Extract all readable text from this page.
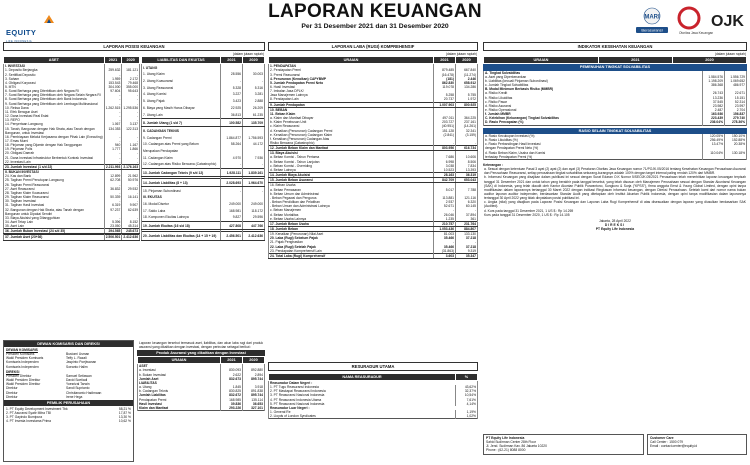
EQUITY
LAPORAN KEUANGAN
Per 31 Desember 2021 dan 31 Desember 2020
MARI
Berasuransi	OJK
Otoritas Jasa Keuangan
LAPORAN POSISI KEUANGAN
(dalam jutaan rupiah)
ASET	2021	2020
I. INVESTASI		
1. Deposito Berjangka	259.632	181.121
2. Sertifikat Deposito	-	-
3. Saham	1.959	2.172
4. Obligasi Korporasi	153.543	79.468
5. MTN	304.000	355.000
6. Surat Berharga yang Diterbitkan oleh Negara RI	97.604	95.643
7. Surat Berharga yang Diterbitkan oleh Negara Selain Negara RI	-	-
8. Surat Berharga yang Diterbitkan oleh Bank Indonesia	-	-
9. Surat Berharga yang Diterbitkan oleh Lembaga Multinasional	-	-
10. Reksa Dana	1.262.515	1.295.536
11. Efek Beragun Aset	-	-
12. Dana Investasi Real Estat	-	-
13. REPO	-	-
14. Penyertaan Langsung	1.067	3.137
15. Tanah, Bangunan dengan Hak Strata, atau Tanah dengan	134.353	122.313
Bangunan, untuk Investasi		
16. Pembiayaan Melalui Kerjasama dengan Pihak Lain (Executing)	-	-
17. Emas Murni	-	-
18. Pinjaman yang Dijamin dengan Hak Tanggungan	940	1.167
19. Pinjaman Polis	1.777	1.866
20. Obligasi Daerah	-	-
21. Dana Investasi Infrastruktur Berbentuk Kontrak Investasi	-	-
22. Investasi Lain	-	-
23. Jumlah Investasi (1 s/d 22)	2.211.993	2.176.163

II. BUKAN INVESTASI		
24. Kas dan Bank	12.899	21.962
25. Tagihan Premi Penutupan Langsung	62.708	50.976
26. Tagihan Premi Reasuransi	-	-
27. Aset Reasuransi	36.832	29.932
28. Tagihan Klaim Koasuransi	-	-
29. Tagihan Klaim Reasuransi	50.339	16.141
30. Tagihan Investasi	-	-
31. Tagihan Hasil Investasi	6.319	9.907
32. Bangunan dengan Hak Strata, atau Tanah dengan	97.237	62.639
Bangunan untuk Dipakai Sendiri		
33. Biaya Akuisisi yang Ditangguhkan	-	-
34. Aset Tetap Lain	5.396	8.152
35. Aset Lain	23.050	45.314
36. Jumlah Bukan Investasi (24 s/d 35)	294.565	245.673

37. Jumlah Aset (23+36)	2.506.501	2.412.636
LIABILITAS DAN EKUITAS	2021	2020
I. UTANG		
1. Utang Klaim	28.556	30.003
2. Utang Koasuransi	-	-
3. Utang Reasuransi	5.328	5.316
4. Utang Komisi	3.227	3.281
5. Utang Pajak	3.423	2.888
6. Biaya yang Masih Harus Dibayar	22.925	26.209
7. Utang Lain	36.813	61.235
8. Jumlah Utang (1 s/d 7)	100.582	135.709

II. CADANGAN TEKNIS		
9. Cadangan Premi	1.864.877	1.756.593
10. Cadangan atas Premi yang Belum	58.264	44.172
Merupakan Pendapatan		
11. Cadangan Klaim	4.970	7.936
12. Cadangan atas Risiko Bencana (Catastrophic)	-	-

13. Jumlah Cadangan Teknis (9 s/d 12)	1.928.111	1.839.161

14. Jumlah Liabilitas (8 + 13)	2.028.693	1.964.670

15. Pinjaman Subordinasi	-	-

III. EKUITAS		

16. Modal Disetor	249.000	249.000
17. Saldo Laba	168.981	118.172
18. Komponen Ekuitas Lainnya	9.827	29.596

19. Jumlah Ekuitas (16 s/d 18)	427.808	447.766

20. Jumlah Liabilitas dan Ekuitas (14 + 15 + 19)	2.456.501	2.412.636
LAPORAN LABA (RUGI) KOMPREHENSIF
(dalam jutaan rupiah)
URAIAN	2021	2020
1. PENDAPATAN		
2. Pendapatan Premi	879.485	667.840
3. Premi Reasuransi	(16.478)	(11.274)
4. Penurunan (Kenaikan) CAPYBMP	(181)	2.446
5. Jumlah Pendapatan Premi Neto	862.830	658.912
6. Hasil Investasi	119.078	134.286
7. Imbalan Jasa DPLK/		
Jasa Manajemen Lainnya	5.258	5.755
8. Pendapatan Lain	20.737	1.972
9. Jumlah Pendapatan	1.007.903	800.925
10. BEBAN		
11. Beban Klaim		
a. Klaim dan Manfaat Dibayar	497.011	364.225
b. Klaim Penebusan Unit	203.727	237.161
c. Klaim Reasuransi	(40.951)	(14.261)
d. Kenaikan (Penurunan) Cadangan Premi	151.128	32.341
e. Kenaikan (Penurunan) Cadangan Klaim	(2.841)	(3.159)
f. Kenaikan (Penurunan) Cadangan Atas		
Risiko Bencana (Catastrophic)	-	-
12. Jumlah Beban Klaim dan Manfaat	803.956	616.734
13. Biaya Akuisisi		
a. Beban Komisi - Tahun Pertama	7.686	10.606
b. Beban Komisi - Tahun Lanjutan	6.998	8.506
c. Beban Komisi - Overriding	3.038	7.834
d. Beban Lainnya	10.523	13.393
14. Jumlah Biaya Akuisisi	28.163	36.319
15. Jumlah Beban Asuransi	842.709	653.043
16. Beban Usaha		
a. Beban Pemasaran	5.017	7.788
b. Beban Umum dan Administrasi		
- Beban Pegawai dan Pengurus	113.881	121.116
- Beban Pendidikan dan Pelatihan	2.937	6.320
- Beban Umum dan Administrasi Lainnya	52.671	60.145
c. Beban Manajemen	-	-
d. Beban Mortalitas	26.046	37.894
e. Beban Usaha Lainnya	1.235	361
17. Jumlah Beban Usaha	210.757	231.764
18. Jumlah Beban	1.053.436	884.807
19. Kenaikan (Penurunan) Nilai Aset	81.003	133.130
20. Laba (Rugi) Sebelum Pajak	35.466	37.218
21. Pajak Penghasilan	-	-
22. Laba (Rugi) Setelah Pajak	35.466	37.218
23. Pendapatan Komprehensif Lain	(31.863)	9.319
24. Total Laba (Rugi) Komprehensif	3.603	35.347
INDIKATOR KESEHATAN KEUANGAN
(dalam jutaan rupiah)
URAIAN	2021	2020
PEMENUHAN TINGKAT SOLVABILITAS
A. Tingkat Solvabilitas		
a. Aset yang Diperkenankan	1.584.576	1.556.729
b. Liabilitas (kecuali Pinjaman Subordinasi)	1.198.209	1.069.652
c. Jumlah Tingkat Solvabilitas	386.368	486.977
B. Modal Minimum Berbasis Risiko (MMBR)		
a. Risiko Kredit	26.743	22.671
b. Risiko Likuiditas	13.236	15.151
c. Risiko Pasar	37.545	52.314
d. Risiko Asuransi	23.982	23.997
e. Risiko Operasional	2.487	2.704
f. Jumlah MMBR	163.936	156.837
C. Kelebihan (Kekurangan) Tingkat Solvabilitas	223.439	279.740
D. Rasio Pencapaian (%)	236.04%	278.36%
RASIO SELAIN TINGKAT SOLVABILITAS
a. Rasio Kecukupan Investasi (%)	120.05%	150.10%
b. Rasio Likuiditas (%)	256.49%	152.88%
c. Rasio Perbandingan Hasil Investasi	13.47%	20.38%
dengan Pendapatan Premi Neto (%)		
d. Rasio Beban Klaim, Usaha dan Komisi	110.04%	130.18%
terhadap Pendapatan Premi (%)		
Keterangan :
a. Sesuai dengan ketentuan Pasal 3 ayat (2) ayat (2) dan ayat (3) Peraturan Otoritas Jasa Keuangan nomor 71/POJK.05/2016 tentang Kesehatan Keuangan Perusahaan Asuransi dan Perusahaan Reasuransi, setiap perusahaan tingkat solvabilitas sekurang-kurangnya adalah 100% dengan target internal paling rendah 120% dari MMBR.
b. Informasi Keuangan yang disajikan dalam publikasi ini sesuai dengan Surat Edaran O.K Nomor 5/SEOJK.05/2021 Perusahaan telah menerbitkan laporan keuangan terpisah tanggal 31 Desember 2021 dan untuk tahun yang berakhir pada tanggal tersebut, yang telah disusun oleh Manajemen Perusahaan sesuai dengan Standar Akuntansi Keuangan (SAK) di Indonesia, yang telah diaudit oleh Kantor Akuntan Publik Purwantono, Sungkoro & Surja ("KPSS"), firma anggota Ernst & Young Global Limited, dengan opini tanpa modifikasian dalam laporannya tertanggal 30 Maret 2022 dengan indikasi Ringkasan informasi keuangan, dengan Direksi Perusahaan. Setelah kami dari nomor nama bukan auditor laporan auditor independen, berdasarkan Standar Audit yang ditetapkan oleh Institut Akuntan Publik Indonesia, dengan opini tanpa modifikasian dalam laporannya tertanggal 30 April 2022 yang tidak dinyatakan posisi publikasi ini.
c. Angka (nilai) yang disajikan pada Laporan Posisi Keuangan dan Laporan Laba Rugi Komprehensif di atas disesuaikan dengan laporan yang diusulkan berdasarkan SAK (Audited).
d. Kurs pada tanggal 31 Desember 2021, 1 US $ : Rp 14.269
Kurs pada tanggal 31 Desember 2020, 1 US $ : Rp 14.105
Jakarta, 28 April 2022
DIREKSI
PT Equity Life Indonesia
DEWAN KOMISARIS DAN DIREKSI
DEWAN KOMISARIS
Presiden Komisaris	Bustomi Usman
Wakil Presiden Komisaris	Teffy L. Razali
Komisaris Independen	Jaspinto Poejiwanan
Komisaris Independen	Soeanto Halim
DIREKSI
Presiden Direktur	Samuel Setiawan
Wakil Presiden Direktur	David Soetiadi
Wakil Presiden Direktur	Yoesrizal Tarwin
Direktur	Sandi Suprianto
Direktur	Christiananto Hadimaan
Direktur	Irene Hega
PEMILIK PERUSAHAAN
1. PT Equity Development Investment Tbk	58,21 %
2. PT Asuransi Syatir Mitra TBI	17,87 %
3. PT Gayindo Bumipura	13,30 %
4. PT Investa Investama Prima	10,62 %
Laporan keuangan tersebut termasuk aset, liabilitas, dan akun laba rugi dari produk asuransi yang dikaitkan dengan investasi, dengan perincian sebagai berikut :
Produk Asuransi yang dikaitkan dengan Investasi
URAIAN	2021	2020
ASET		
a. Investasi	830.093	892.880
b. Bukan Investasi	2.622	2.894
Jumlah Aset	832.673	895.744

LIABILITAS		
a. Utang	1.845	3.918
b. Cadangan Teknis	830.825	891.838
Jumlah Liabilitas	832.672	895.744

Pendapatan Premi	168.985	135.114
Hasil Investasi	39.836	36.653
Klaim dan Manfaat	293.226	327.101
RESURADUR UTAMA
NAMA REASURADUR	%
Reasuradur Dalam Negeri :	
1. PT Tugu Reasuransi Indonesia	43,62%
2. PT Maskapai Reasuransi Indonesia	32,37%
3. PT Reasuransi Nasional Indonesia	10,54%
4. PT Reasuransi Indonesia Utama	7,61%
5. PT Reasuransi Nasional Indonesia	4,14%
Reasuradur Luar Negeri :	
1. General Re	1,19%
2. Lloyds of London Syndicates	1,02%
PT Equity Life Indonesia
Sahid Sudirman Center 28th Floor
Jl. Jend. Sudirman Kav. 86 Jakarta 10220
Phone : (62-21) 8088 8000
Customer Care
Call Center : 1500 079
Email : contact.center@equity.id
